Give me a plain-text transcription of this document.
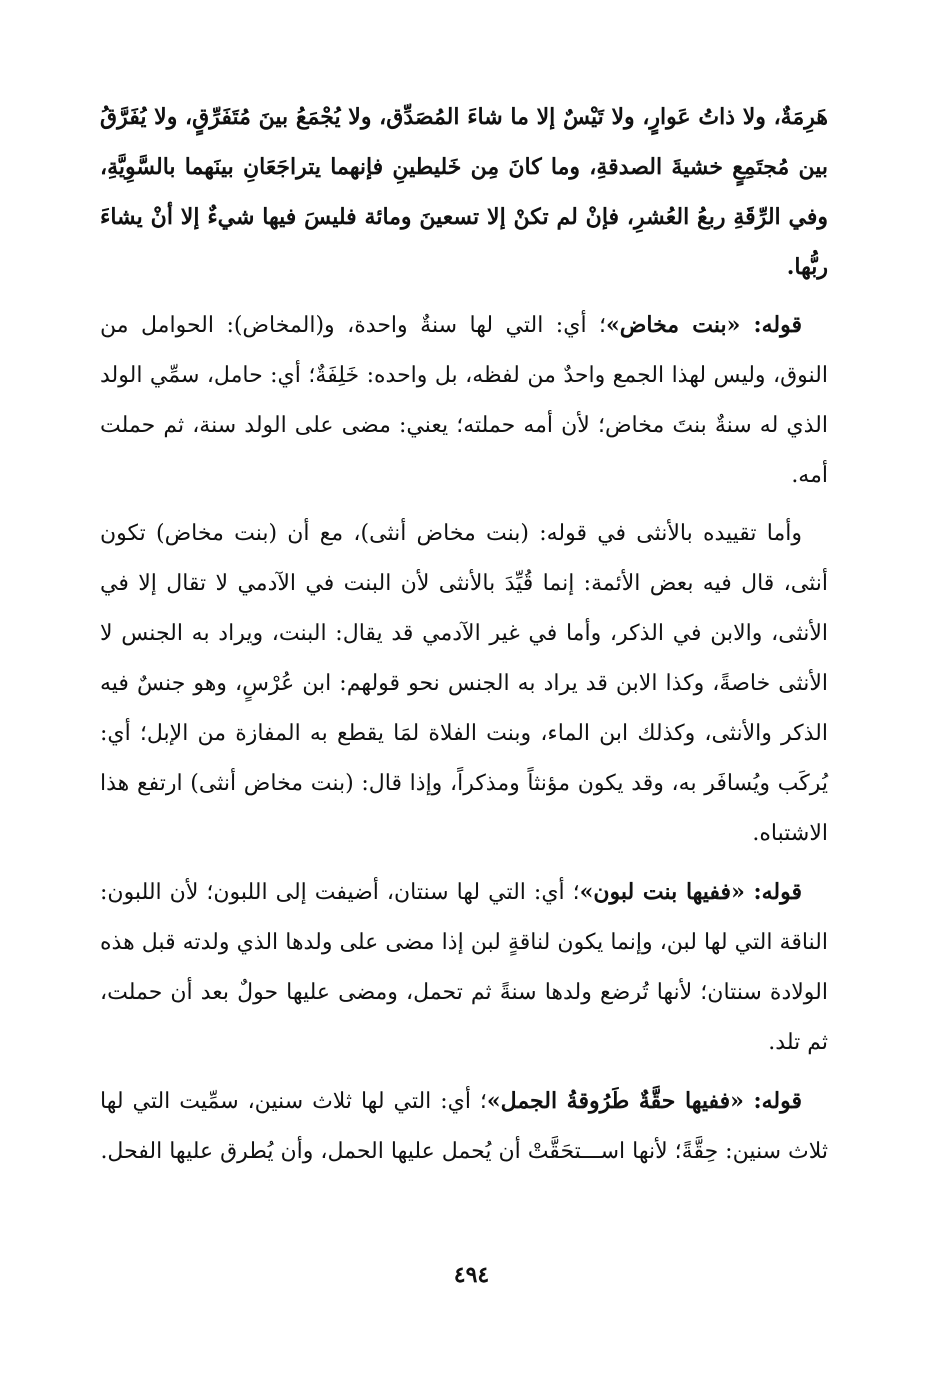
هَرِمَةٌ، ولا ذاتُ عَوارٍ، ولا تَيْسٌ إلا ما شاءَ المُصَدِّق، ولا يُجْمَعُ بينَ مُتَفَرِّقٍ، ولا يُفَرَّقُ بين مُجتَمِعٍ خشيةَ الصدقةِ، وما كانَ مِن خَليطينِ فإنهما يتراجَعَانِ بينَهما بالسَّوِيَّةِ، وفي الرِّقَةِ ربعُ العُشرِ، فإنْ لم تكنْ إلا تسعينَ ومائة فليسَ فيها شيءٌ إلا أنْ يشاءَ ربُّها.

قوله: «بنت مخاض»؛ أي: التي لها سنةٌ واحدة، و(المخاض): الحوامل من النوق، وليس لهذا الجمع واحدٌ من لفظه، بل واحده: خَلِفَةٌ؛ أي: حامل، سمِّي الولد الذي له سنةٌ بنتَ مخاض؛ لأن أمه حملته؛ يعني: مضى على الولد سنة، ثم حملت أمه.

وأما تقييده بالأنثى في قوله: (بنت مخاض أنثى)، مع أن (بنت مخاض) تكون أنثى، قال فيه بعض الأئمة: إنما قُيِّدَ بالأنثى لأن البنت في الآدمي لا تقال إلا في الأنثى، والابن في الذكر، وأما في غير الآدمي قد يقال: البنت، ويراد به الجنس لا الأنثى خاصةً، وكذا الابن قد يراد به الجنس نحو قولهم: ابن عُرْسٍ، وهو جنسٌ فيه الذكر والأنثى، وكذلك ابن الماء، وبنت الفلاة لمَا يقطع به المفازة من الإبل؛ أي: يُركَب ويُسافَر به، وقد يكون مؤنثاً ومذكراً، وإذا قال: (بنت مخاض أنثى) ارتفع هذا الاشتباه.

قوله: «ففيها بنت لبون»؛ أي: التي لها سنتان، أضيفت إلى اللبون؛ لأن اللبون: الناقة التي لها لبن، وإنما يكون لناقةٍ لبن إذا مضى على ولدها الذي ولدته قبل هذه الولادة سنتان؛ لأنها تُرضع ولدها سنةً ثم تحمل، ومضى عليها حولٌ بعد أن حملت، ثم تلد.

قوله: «ففيها حقَّةٌ طَرُوقةُ الجمل»؛ أي: التي لها ثلاث سنين، سمِّيت التي لها ثلاث سنين: حِقَّةً؛ لأنها اســـتحَقَّتْ أن يُحمل عليها الحمل، وأن يُطرق عليها الفحل.

٤٩٤
